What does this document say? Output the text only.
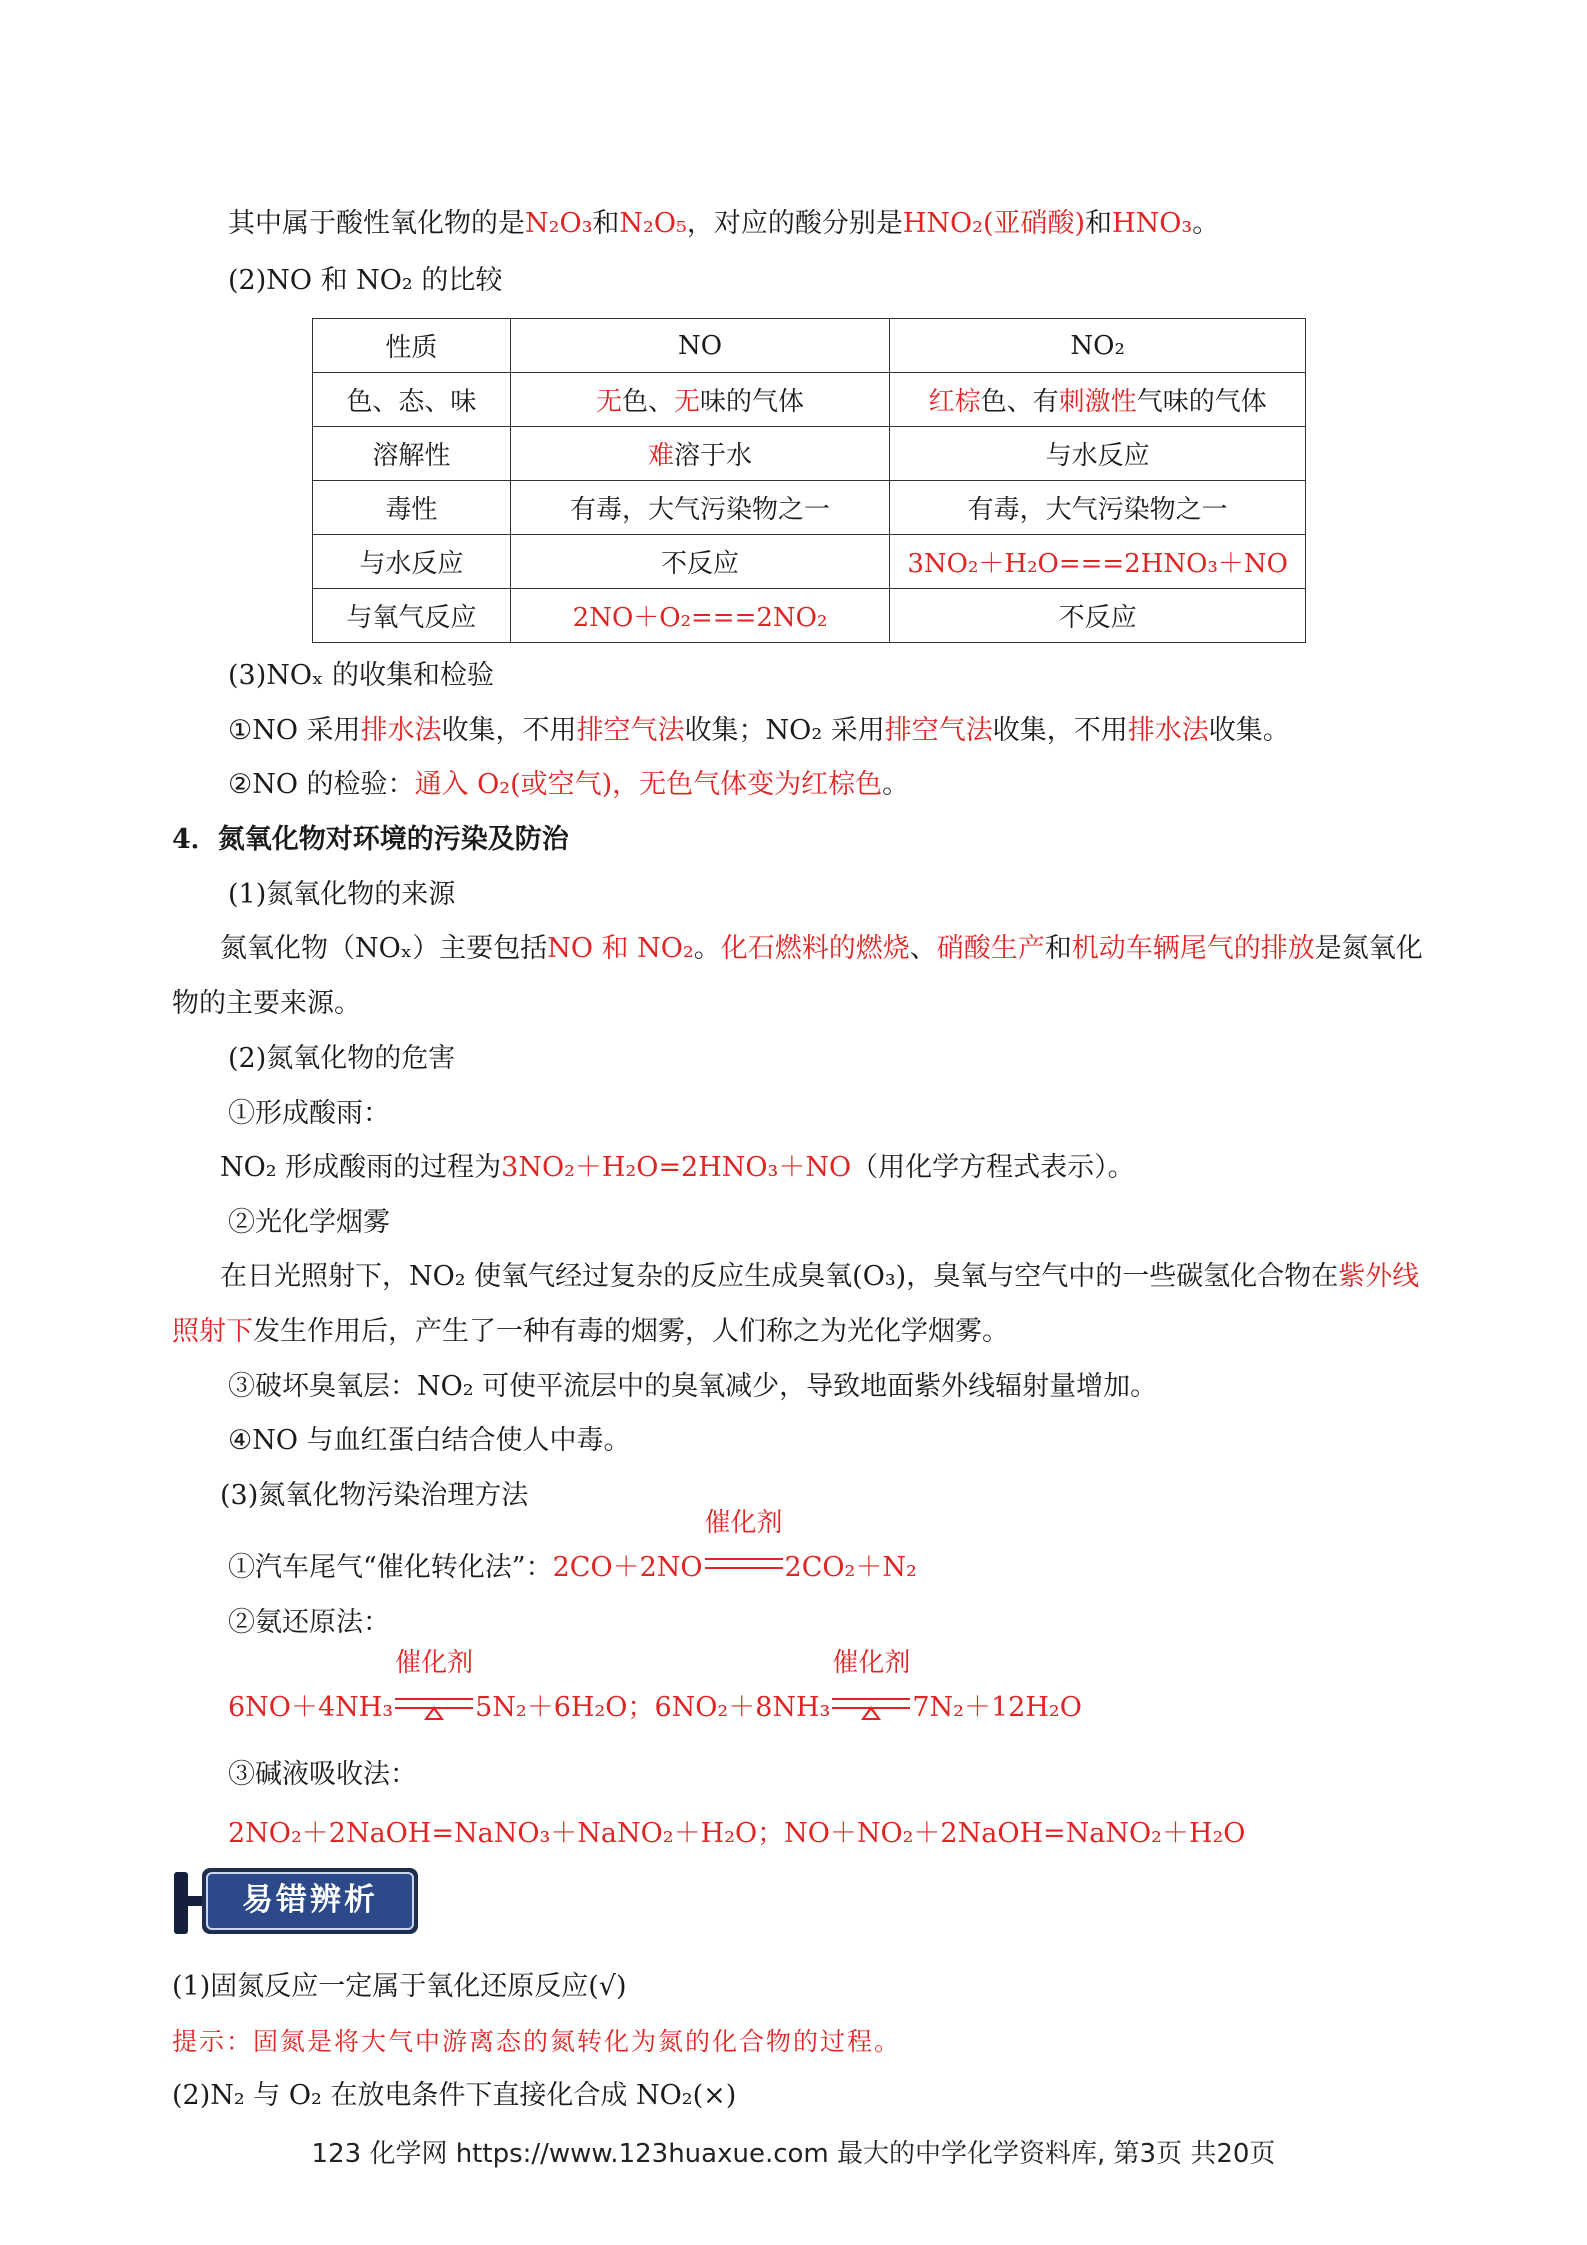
其中属于酸性氧化物的是N₂O₃和N₂O₅，对应的酸分别是HNO₂(亚硝酸)和HNO₃。
(2)NO 和 NO₂ 的比较
性质	NO	NO₂
色、态、味	无色、无味的气体	红棕色、有刺激性气味的气体
溶解性	难溶于水	与水反应
毒性	有毒，大气污染物之一	有毒，大气污染物之一
与水反应	不反应	3NO₂＋H₂O===2HNO₃＋NO
与氧气反应	2NO＋O₂===2NO₂	不反应
(3)NOₓ 的收集和检验
①NO 采用排水法收集，不用排空气法收集；NO₂ 采用排空气法收集，不用排水法收集。
②NO 的检验：通入 O₂(或空气)，无色气体变为红棕色。
4．氮氧化物对环境的污染及防治
(1)氮氧化物的来源
氮氧化物（NOₓ）主要包括NO 和 NO₂。化石燃料的燃烧、硝酸生产和机动车辆尾气的排放是氮氧化
物的主要来源。
(2)氮氧化物的危害
①形成酸雨：
NO₂ 形成酸雨的过程为3NO₂＋H₂O=2HNO₃＋NO（用化学方程式表示）。
②光化学烟雾
在日光照射下，NO₂ 使氧气经过复杂的反应生成臭氧(O₃)，臭氧与空气中的一些碳氢化合物在紫外线
照射下发生作用后，产生了一种有毒的烟雾，人们称之为光化学烟雾。
③破坏臭氧层：NO₂ 可使平流层中的臭氧减少，导致地面紫外线辐射量增加。
④NO 与血红蛋白结合使人中毒。
(3)氮氧化物污染治理方法
①汽车尾气“催化转化法”：2CO＋2NO
催化剂
2CO₂＋N₂
②氨还原法：
6NO＋4NH₃
催化剂
5N₂＋6H₂O；6NO₂＋8NH₃
催化剂
7N₂＋12H₂O
③碱液吸收法：
2NO₂＋2NaOH=NaNO₃＋NaNO₂＋H₂O；NO＋NO₂＋2NaOH=NaNO₂＋H₂O
易错辨析
(1)固氮反应一定属于氧化还原反应(√)
提示：固氮是将大气中游离态的氮转化为氮的化合物的过程。
(2)N₂ 与 O₂ 在放电条件下直接化合成 NO₂(×)
123 化学网 https://www.123huaxue.com 最大的中学化学资料库, 第3页 共20页
